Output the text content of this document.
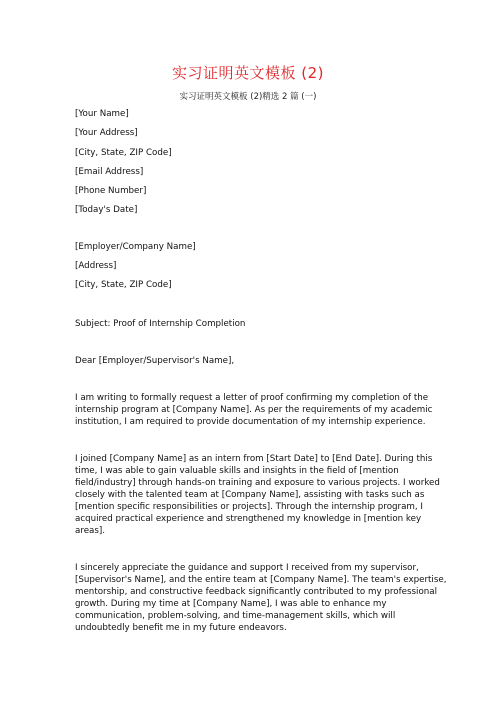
实习证明英文模板 (2)
实习证明英文模板 (2)精选 2 篇 (一)

[Your Name]

[Your Address]

[City, State, ZIP Code]

[Email Address]

[Phone Number]

[Today's Date]

[Employer/Company Name]

[Address]

[City, State, ZIP Code]

Subject: Proof of Internship Completion

Dear [Employer/Supervisor's Name],

I am writing to formally request a letter of proof confirming my completion of the
internship program at [Company Name]. As per the requirements of my academic
institution, I am required to provide documentation of my internship experience.

I joined [Company Name] as an intern from [Start Date] to [End Date]. During this
time, I was able to gain valuable skills and insights in the field of [mention
field/industry] through hands-on training and exposure to various projects. I worked
closely with the talented team at [Company Name], assisting with tasks such as
[mention specific responsibilities or projects]. Through the internship program, I
acquired practical experience and strengthened my knowledge in [mention key
areas].

I sincerely appreciate the guidance and support I received from my supervisor,
[Supervisor's Name], and the entire team at [Company Name]. The team's expertise,
mentorship, and constructive feedback significantly contributed to my professional
growth. During my time at [Company Name], I was able to enhance my
communication, problem-solving, and time-management skills, which will
undoubtedly benefit me in my future endeavors.
